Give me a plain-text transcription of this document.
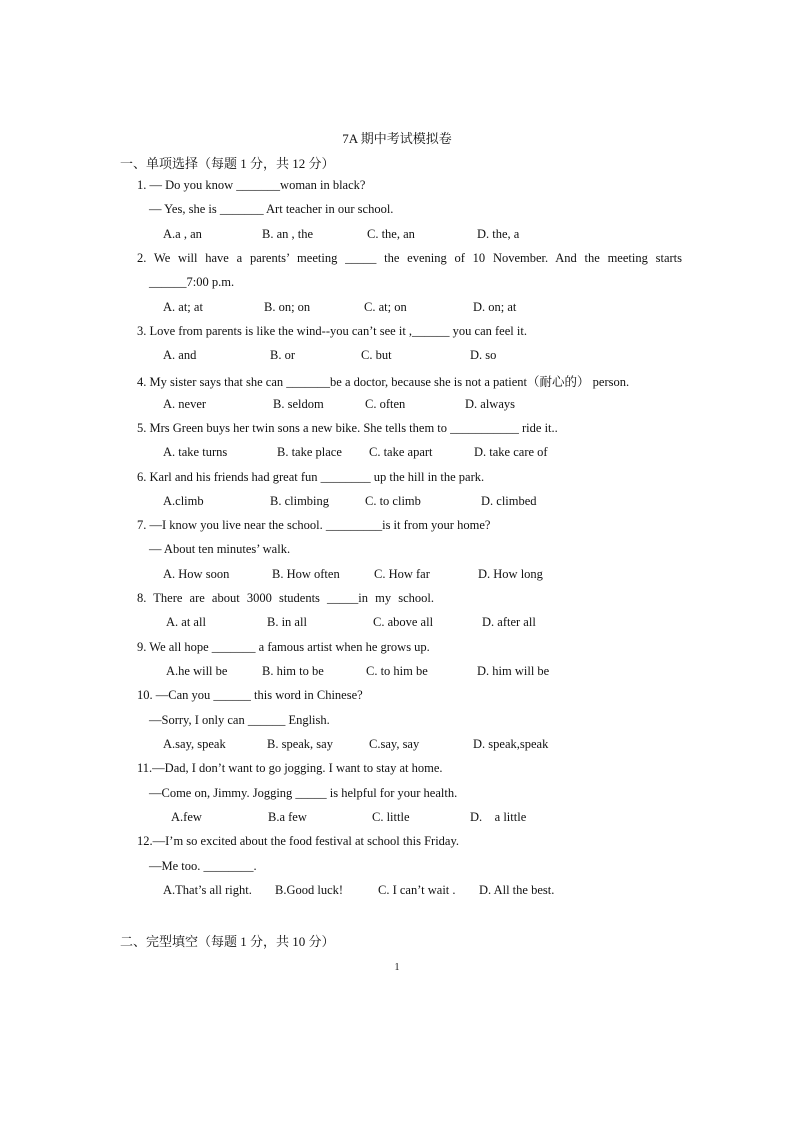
7A 期中考试模拟卷
一、单项选择（每题 1 分，共 12 分）
1. — Do you know _______woman in black?
— Yes, she is _______ Art teacher in our school.
A.a , an	B. an , the	C. the, an	D. the, a
2. We will have a parents’ meeting _____ the evening of 10 November. And the meeting starts
______7:00 p.m.
A. at; at	B. on; on	C. at; on	D. on; at
3. Love from parents is like the wind--you can’t see it ,______ you can feel it.
A. and	B. or	C. but	D. so
4. My sister says that she can _______be a doctor, because she is not a patient（耐心的） person.
A. never	B. seldom	C. often	D. always
5. Mrs Green buys her twin sons a new bike. She tells them to ___________ ride it..
A. take turns	B. take place C. take apart	D. take care of
6. Karl and his friends had great fun ________ up the hill in the park.
A.climb	B. climbing	C. to climb	D. climbed
7. —I know you live near the school. _________is it from your home?
— About ten minutes’ walk.
A. How soon	B. How often	C. How far	D. How long
8. There are about 3000 students _____in my school.
A. at all	B. in all	C. above all	D. after all
9. We all hope _______ a famous artist when he grows up.
A.he will be	B. him to be	C. to him be	D. him will be
10. —Can you ______ this word in Chinese?
—Sorry, I only can ______ English.
A.say, speak	B. speak, say	C.say, say	D. speak,speak
11.—Dad, I don’t want to go jogging. I want to stay at home.
—Come on, Jimmy. Jogging _____ is helpful for your health.
A.few	B.a few	C. little	D.    a little
12.—I’m so excited about the food festival at school this Friday.
—Me too. ________.
A.That’s all right. B.Good luck!	C. I can’t wait . D. All the best.
二、完型填空（每题 1 分，共 10 分）
1
